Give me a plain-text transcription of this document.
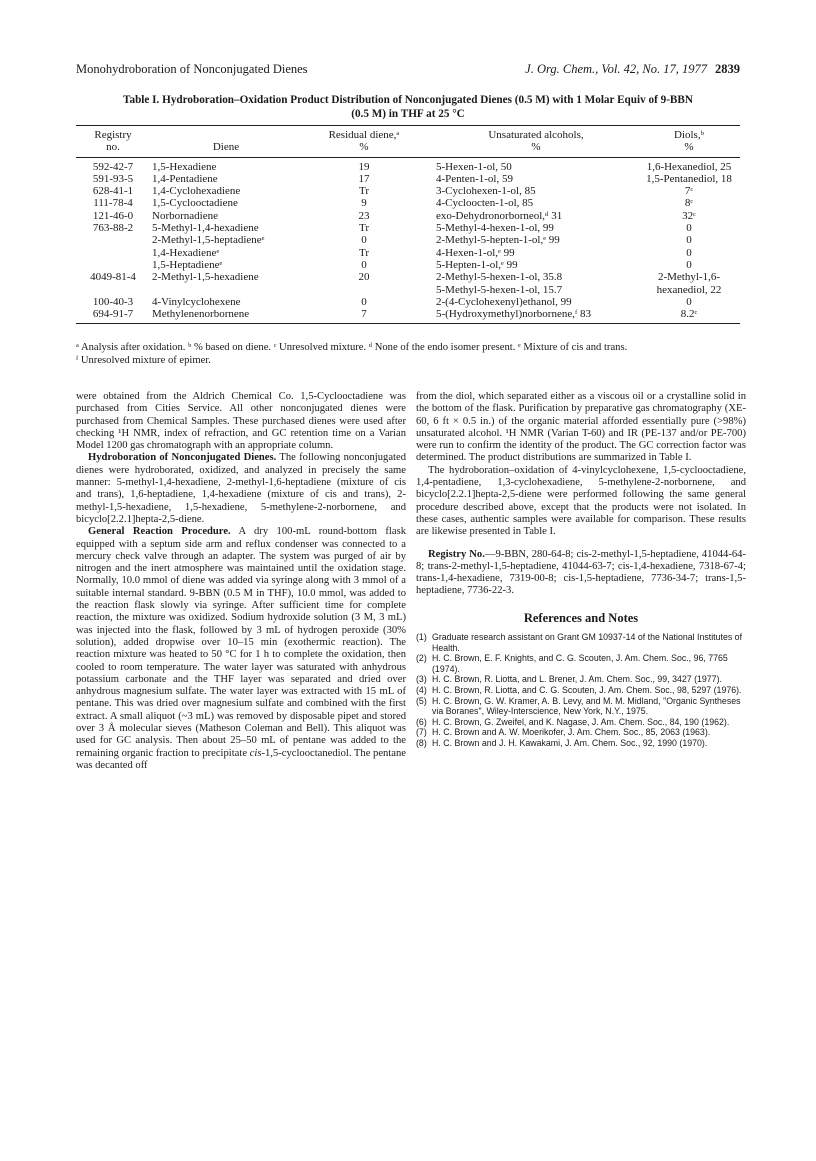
Monohydroboration of Nonconjugated Dienes	J. Org. Chem., Vol. 42, No. 17, 1977 2839
Table I. Hydroboration–Oxidation Product Distribution of Nonconjugated Dienes (0.5 M) with 1 Molar Equiv of 9-BBN
(0.5 M) in THF at 25 °C
Registry		Residual diene,ᵃ	Unsaturated alcohols,	Diols,ᵇ
no.	Diene	%	%	%
592-42-7	1,5-Hexadiene	19	5-Hexen-1-ol, 50	1,6-Hexanediol, 25
591-93-5	1,4-Pentadiene	17	4-Penten-1-ol, 59	1,5-Pentanediol, 18
628-41-1	1,4-Cyclohexadiene	Tr	3-Cyclohexen-1-ol, 85	7ᶜ
111-78-4	1,5-Cyclooctadiene	9	4-Cycloocten-1-ol, 85	8ᶜ
121-46-0	Norbornadiene	23	exo-Dehydronorborneol,ᵈ 31	32ᶜ
763-88-2	5-Methyl-1,4-hexadiene	Tr	5-Methyl-4-hexen-1-ol, 99	0
	2-Methyl-1,5-heptadieneᵉ	0	2-Methyl-5-hepten-1-ol,ᵉ 99	0
	1,4-Hexadieneᵉ	Tr	4-Hexen-1-ol,ᵉ 99	0
	1,5-Heptadieneᵉ	0	5-Hepten-1-ol,ᵉ 99	0
4049-81-4	2-Methyl-1,5-hexadiene	20	2-Methyl-5-hexen-1-ol, 35.8	2-Methyl-1,6-
			5-Methyl-5-hexen-1-ol, 15.7	hexanediol, 22
100-40-3	4-Vinylcyclohexene	0	2-(4-Cyclohexenyl)ethanol, 99	0
694-91-7	Methylenenorbornene	7	5-(Hydroxymethyl)norbornene,ᶠ 83	8.2ᶜ
ᵃ Analysis after oxidation. ᵇ % based on diene. ᶜ Unresolved mixture. ᵈ None of the endo isomer present. ᵉ Mixture of cis and trans.
ᶠ Unresolved mixture of epimer.

were obtained from the Aldrich Chemical Co. 1,5-Cyclooctadiene was purchased from Cities Service. All other nonconjugated dienes were purchased from Chemical Samples. These purchased dienes were used after checking ¹H NMR, index of refraction, and GC retention time on a Varian Model 1200 gas chromatograph with an appropriate column.

Hydroboration of Nonconjugated Dienes. The following nonconjugated dienes were hydroborated, oxidized, and analyzed in precisely the same manner: 5-methyl-1,4-hexadiene, 2-methyl-1,6-heptadiene (mixture of cis and trans), 1,6-heptadiene, 1,4-hexadiene (mixture of cis and trans), 2-methyl-1,5-hexadiene, 1,5-hexadiene, 5-methylene-2-norbornene, and bicyclo[2.2.1]hepta-2,5-diene.

General Reaction Procedure. A dry 100-mL round-bottom flask equipped with a septum side arm and reflux condenser was connected to a mercury check valve through an adapter. The system was purged of air by nitrogen and the inert atmosphere was maintained until the oxidation stage. Normally, 10.0 mmol of diene was added via syringe along with 3 mmol of a suitable internal standard. 9-BBN (0.5 M in THF), 10.0 mmol, was added to the reaction flask slowly via syringe. After sufficient time for complete reaction, the mixture was oxidized. Sodium hydroxide solution (3 M, 3 mL) was injected into the flask, followed by 3 mL of hydrogen peroxide (30% solution), added dropwise over 10–15 min (exothermic reaction). The reaction mixture was heated to 50 °C for 1 h to complete the oxidation, then cooled to room temperature. The water layer was saturated with anhydrous potassium carbonate and the THF layer was separated and dried over anhydrous magnesium sulfate. The water layer was extracted with 15 mL of pentane. This was dried over magnesium sulfate and combined with the first extract. A small aliquot (~3 mL) was removed by disposable pipet and stored over 3 Å molecular sieves (Matheson Coleman and Bell). This aliquot was used for GC analysis. Then about 25–50 mL of pentane was added to the remaining organic fraction to precipitate cis-1,5-cyclooctanediol. The pentane was decanted off

from the diol, which separated either as a viscous oil or a crystalline solid in the bottom of the flask. Purification by preparative gas chromatography (XE-60, 6 ft × 0.5 in.) of the organic material afforded essentially pure (>98%) unsaturated alcohol. ¹H NMR (Varian T-60) and IR (PE-137 and/or PE-700) were run to confirm the identity of the product. The GC correction factor was determined. The product distributions are summarized in Table I.

The hydroboration–oxidation of 4-vinylcyclohexene, 1,5-cyclooctadiene, 1,4-pentadiene, 1,3-cyclohexadiene, 5-methylene-2-norbornene, and bicyclo[2.2.1]hepta-2,5-diene were performed following the same general procedure described above, except that the products were not isolated. In these cases, authentic samples were available for comparison. These results are likewise presented in Table I.

Registry No.—9-BBN, 280-64-8; cis-2-methyl-1,5-heptadiene, 41044-64-8; trans-2-methyl-1,5-heptadiene, 41044-63-7; cis-1,4-hexadiene, 7318-67-4; trans-1,4-hexadiene, 7319-00-8; cis-1,5-heptadiene, 7736-34-7; trans-1,5-heptadiene, 7736-22-3.

References and Notes
(1) Graduate research assistant on Grant GM 10937-14 of the National Institutes of Health.
(2) H. C. Brown, E. F. Knights, and C. G. Scouten, J. Am. Chem. Soc., 96, 7765 (1974).
(3) H. C. Brown, R. Liotta, and L. Brener, J. Am. Chem. Soc., 99, 3427 (1977).
(4) H. C. Brown, R. Liotta, and C. G. Scouten, J. Am. Chem. Soc., 98, 5297 (1976).
(5) H. C. Brown, G. W. Kramer, A. B. Levy, and M. M. Midland, "Organic Syntheses via Boranes", Wiley-Interscience, New York, N.Y., 1975.
(6) H. C. Brown, G. Zweifel, and K. Nagase, J. Am. Chem. Soc., 84, 190 (1962).
(7) H. C. Brown and A. W. Moerikofer, J. Am. Chem. Soc., 85, 2063 (1963).
(8) H. C. Brown and J. H. Kawakami, J. Am. Chem. Soc., 92, 1990 (1970).
